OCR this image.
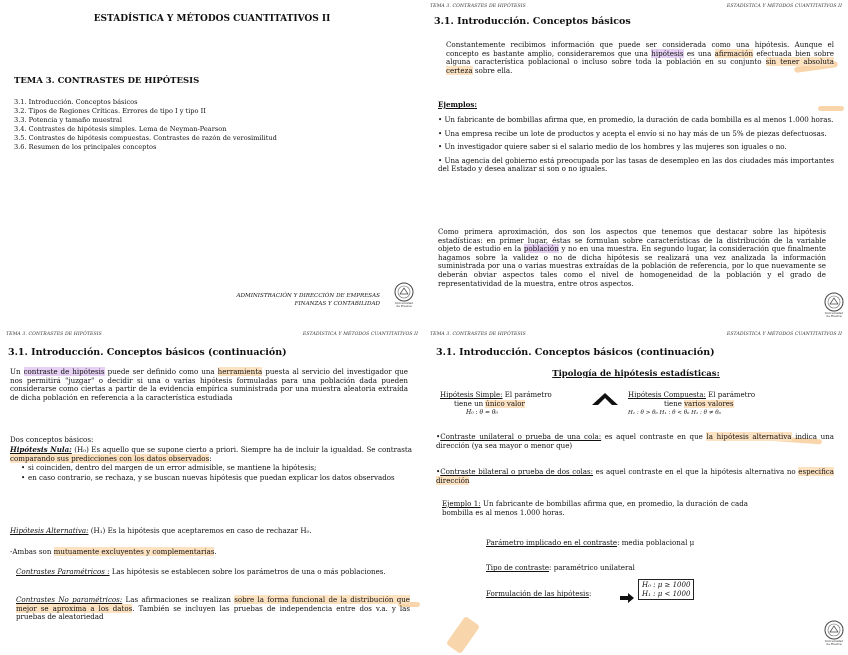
ESTADÍSTICA Y MÉTODOS CUANTITATIVOS II
TEMA 3. CONTRASTES DE HIPÓTESIS
3.1. Introducción. Conceptos básicos
3.2. Tipos de Regiones Críticas. Errores de tipo I y tipo II
3.3. Potencia y tamaño muestral
3.4. Contrastes de hipótesis simples. Lema de Neyman-Pearson
3.5. Contrastes de hipótesis compuestas. Contrastes de razón de verosimilitud
3.6. Resumen de los principales conceptos
ADMINISTRACIÓN Y DIRECCIÓN DE EMPRESAS
FINANZAS Y CONTABILIDAD	Universidad de Huelva
TEMA 3. CONTRASTES DE HIPÓTESIS	ESTADÍSTICA Y MÉTODOS CUANTITATIVOS II
3.1. Introducción. Conceptos básicos
Constantemente recibimos información que puede ser considerada como una hipótesis. Aunque el concepto es bastante amplio, consideraremos que una hipótesis es una afirmación efectuada bien sobre alguna característica poblacional o incluso sobre toda la población en su conjunto sin tener absoluta certeza sobre ella.
Ejemplos:
• Un fabricante de bombillas afirma que, en promedio, la duración de cada bombilla es al menos 1.000 horas.
• Una empresa recibe un lote de productos y acepta el envío si no hay más de un 5% de piezas defectuosas.
• Un investigador quiere saber si el salario medio de los hombres y las mujeres son iguales o no.
• Una agencia del gobierno está preocupada por las tasas de desempleo en las dos ciudades más importantes del Estado y desea analizar si son o no iguales.
Como primera aproximación, dos son los aspectos que tenemos que destacar sobre las hipótesis estadísticas: en primer lugar, éstas se formulan sobre características de la distribución de la variable objeto de estudio en la población y no en una muestra. En segundo lugar, la consideración que finalmente hagamos sobre la validez o no de dicha hipótesis se realizará una vez analizada la información suministrada por una o varias muestras extraídas de la población de referencia, por lo que nuevamente se deberán obviar aspectos tales como el nivel de homogeneidad de la población y el grado de representatividad de la muestra, entre otros aspectos.
Universidad de Huelva
TEMA 3. CONTRASTES DE HIPÓTESIS	ESTADÍSTICA Y MÉTODOS CUANTITATIVOS II
3.1. Introducción. Conceptos básicos (continuación)
Un contraste de hipótesis puede ser definido como una herramienta puesta al servicio del investigador que nos permitirá "juzgar" o decidir si una o varias hipótesis formuladas para una población dada pueden considerarse como ciertas a partir de la evidencia empírica suministrada por una muestra aleatoria extraída de dicha población en referencia a la característica estudiada
Dos conceptos básicos:
Hipótesis Nula: (H₀) Es aquello que se supone cierto a priori. Siempre ha de incluir la igualdad. Se contrasta comparando sus predicciones con los datos observados:
• si coinciden, dentro del margen de un error admisible, se mantiene la hipótesis;
• en caso contrario, se rechaza, y se buscan nuevas hipótesis que puedan explicar los datos observados
Hipótesis Alternativa: (H₁) Es la hipótesis que aceptaremos en caso de rechazar H₀.
-Ambas son mutuamente excluyentes y complementarias.
Contrastes Paramétricos : Las hipótesis se establecen sobre los parámetros de una o más poblaciones.
Contrastes No paramétricos: Las afirmaciones se realizan sobre la forma funcional de la distribución que mejor se aproxima a los datos. También se incluyen las pruebas de independencia entre dos v.a. y las pruebas de aleatoriedad
TEMA 3. CONTRASTES DE HIPÓTESIS	ESTADÍSTICA Y MÉTODOS CUANTITATIVOS II
3.1. Introducción. Conceptos básicos (continuación)
Tipología de hipótesis estadísticas:
Hipótesis Simple: El parámetro
tiene un único valor
H₀ : θ = θ₀
Hipótesis Compuesta: El parámetro
tiene varios valores
H₁ : θ > θ₀ H₁ : θ < θ₀ H₁ : θ ≠ θ₀
•Contraste unilateral o prueba de una cola: es aquel contraste en que la hipótesis alternativa indica una dirección (ya sea mayor o menor que)
•Contraste bilateral o prueba de dos colas: es aquel contraste en el que la hipótesis alternativa no especifica dirección
Ejemplo 1: Un fabricante de bombillas afirma que, en promedio, la duración de cada bombilla es al menos 1.000 horas.
Parámetro implicado en el contraste: media poblacional μ
Tipo de contraste: paramétrico unilateral
Formulación de las hipótesis:
H₀ : μ ≥ 1000
H₁ : μ < 1000
Universidad de Huelva
